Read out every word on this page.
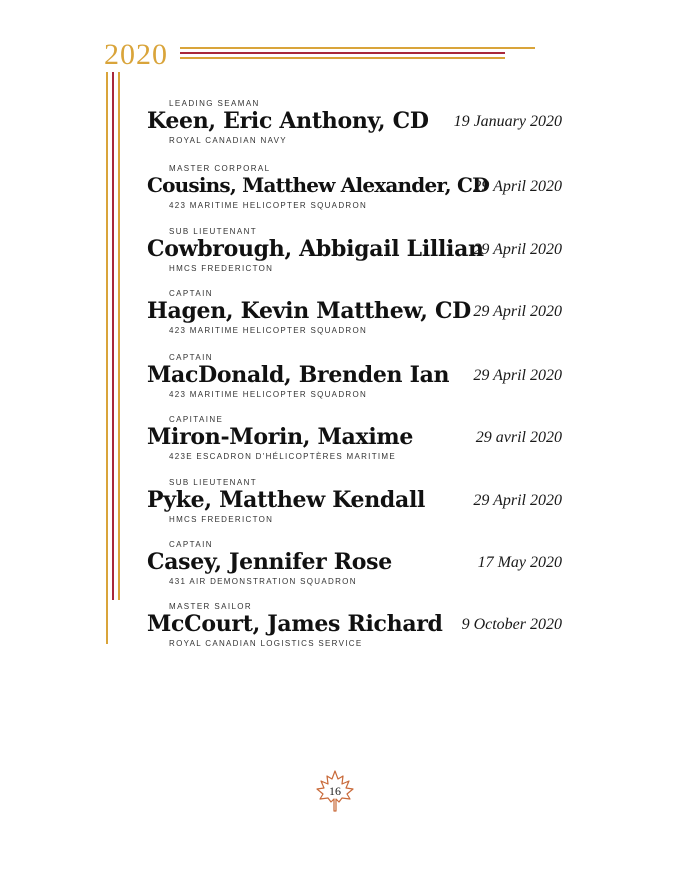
2020
LEADING SEAMAN
Keen, Eric Anthony, CD
ROYAL CANADIAN NAVY
19 January 2020
MASTER CORPORAL
Cousins, Matthew Alexander, CD
423 MARITIME HELICOPTER SQUADRON
29 April 2020
SUB LIEUTENANT
Cowbrough, Abbigail Lillian
HMCS FREDERICTON
29 April 2020
CAPTAIN
Hagen, Kevin Matthew, CD
423 MARITIME HELICOPTER SQUADRON
29 April 2020
CAPTAIN
MacDonald, Brenden Ian
423 MARITIME HELICOPTER SQUADRON
29 April 2020
CAPITAINE
Miron-Morin, Maxime
423E ESCADRON D'HÉLICOPTÈRES MARITIME
29 avril 2020
SUB LIEUTENANT
Pyke, Matthew Kendall
HMCS FREDERICTON
29 April 2020
CAPTAIN
Casey, Jennifer Rose
431 AIR DEMONSTRATION SQUADRON
17 May 2020
MASTER SAILOR
McCourt, James Richard
ROYAL CANADIAN LOGISTICS SERVICE
9 October 2020
16
